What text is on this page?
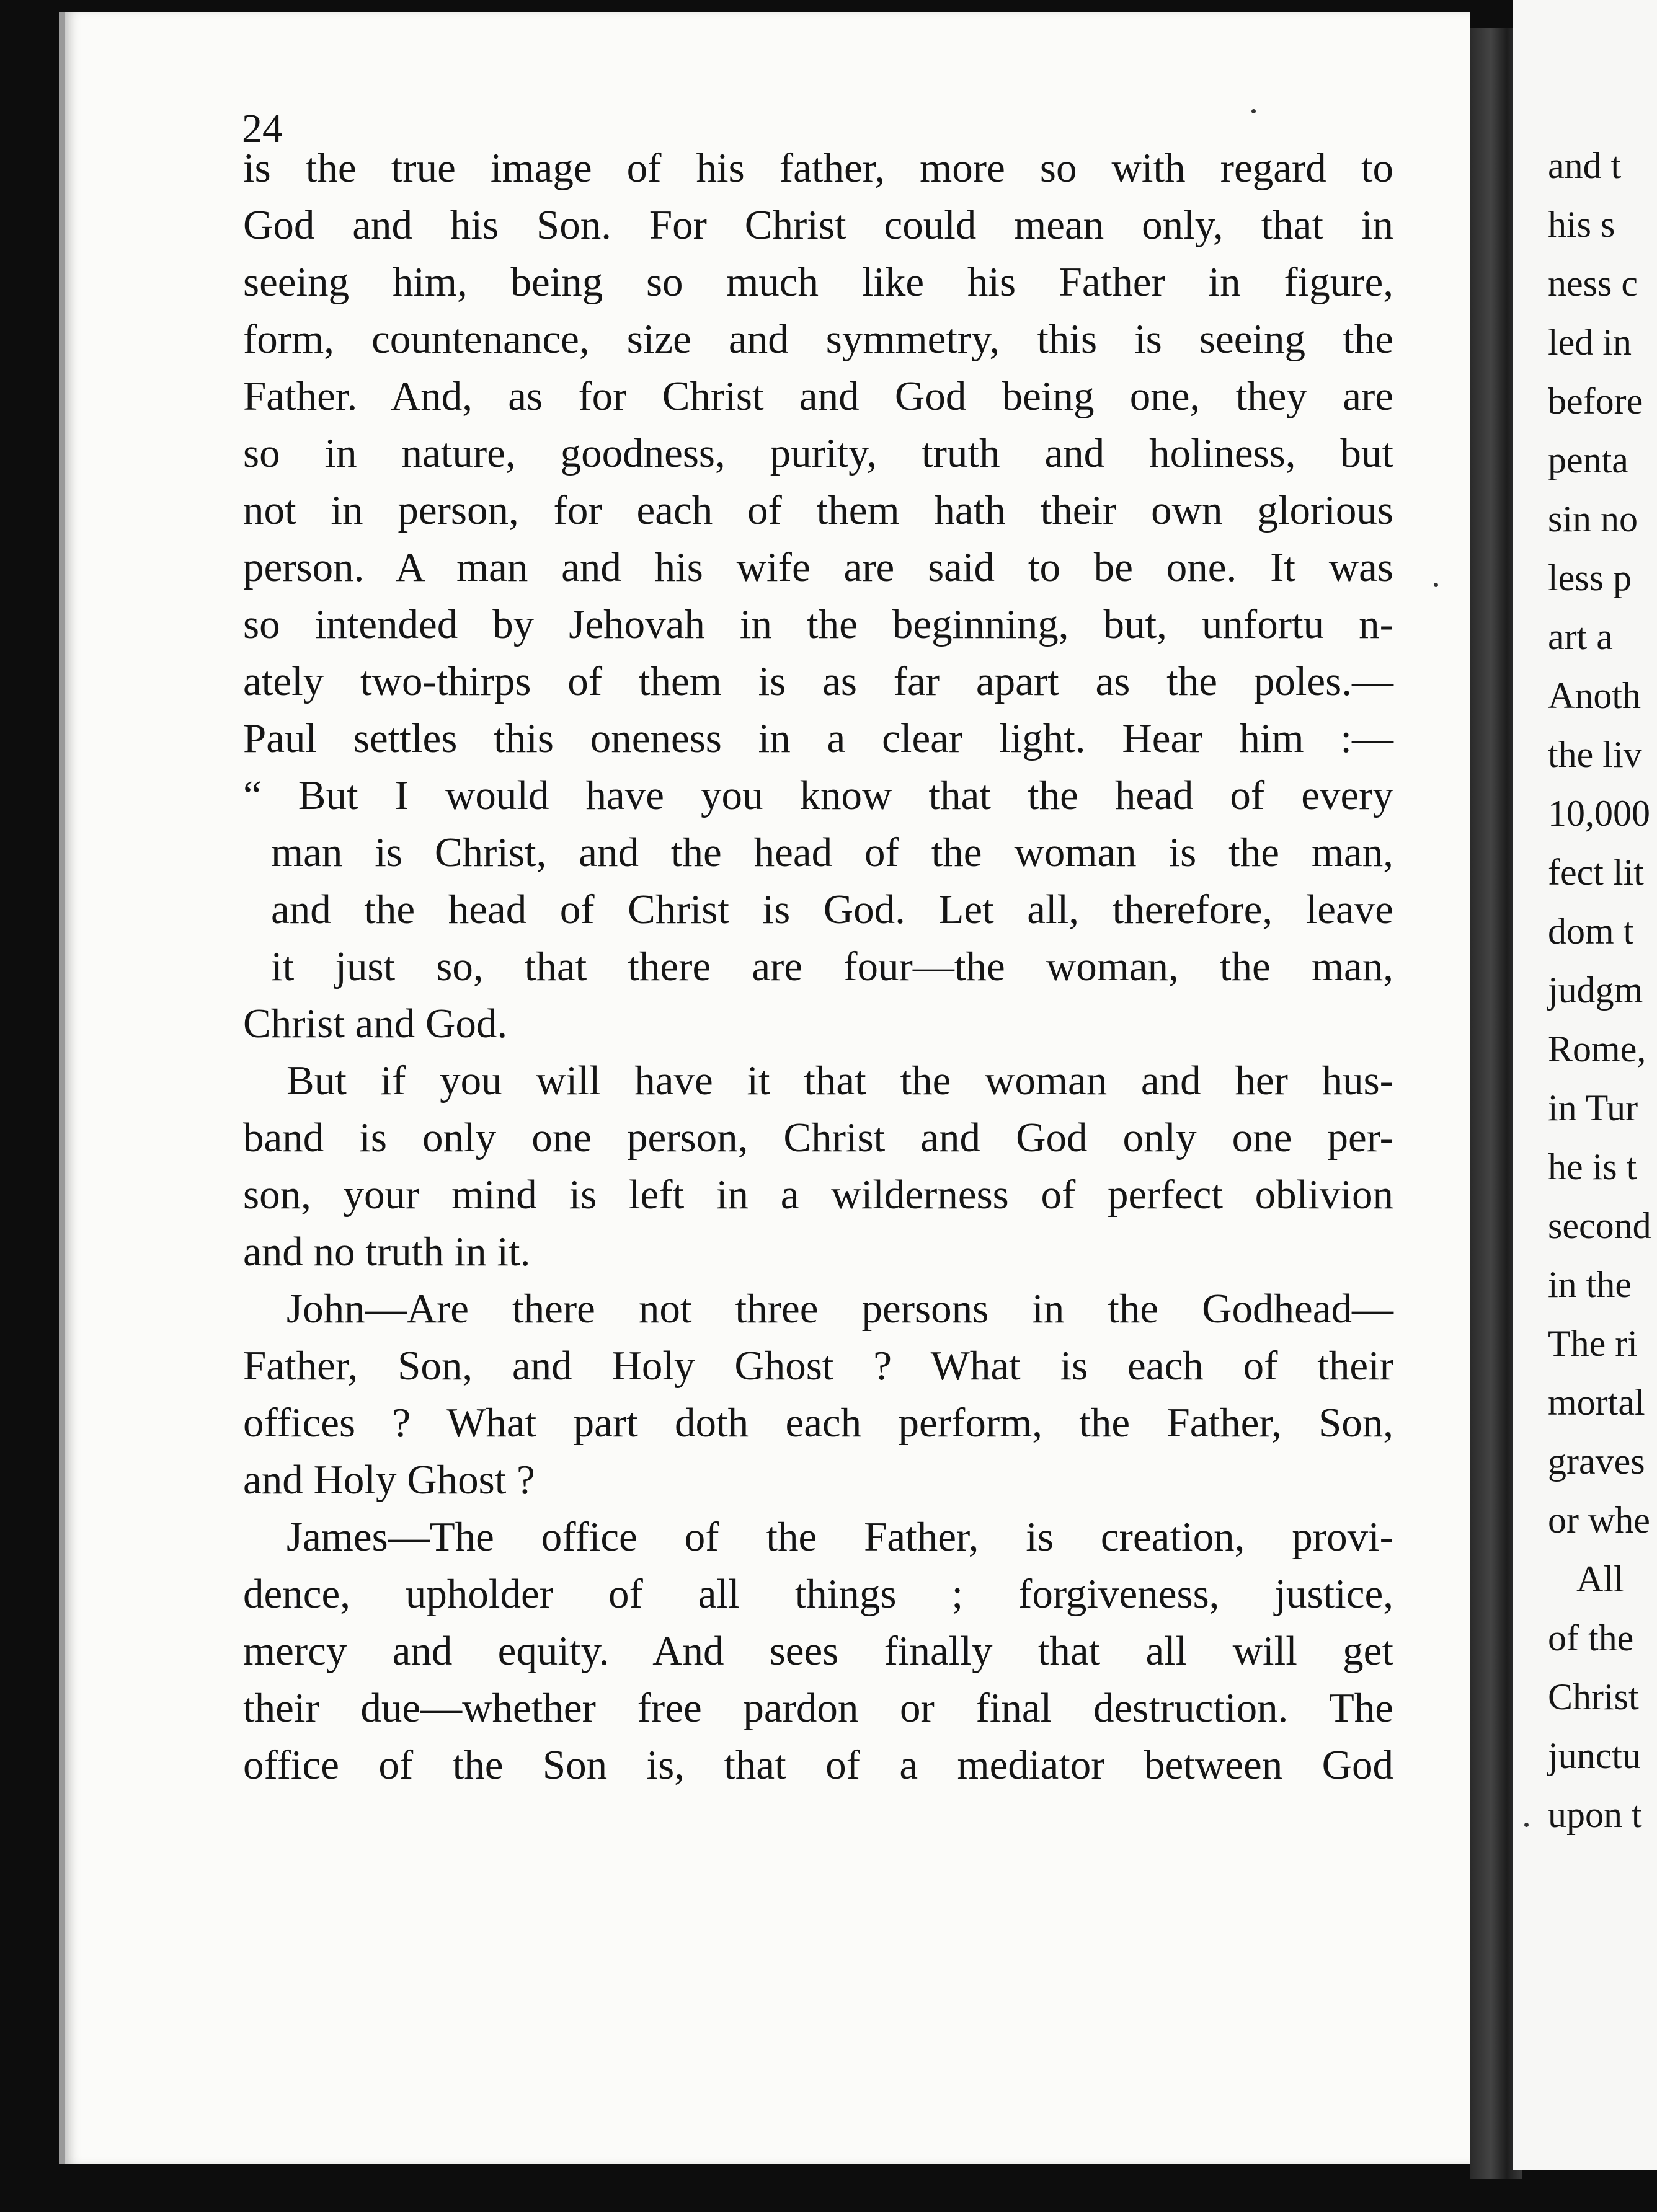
24
is the true image of his father, more so with regard to
God and his Son. For Christ could mean only, that in
seeing him, being so much like his Father in figure,
form, countenance, size and symmetry, this is seeing the
Father. And, as for Christ and God being one, they are
so in nature, goodness, purity, truth and holiness, but
not in person, for each of them hath their own glorious
person. A man and his wife are said to be one. It was
so intended by Jehovah in the beginning, but, unfortu n-
ately two-thirps of them is as far apart as the poles.—
Paul settles this oneness in a clear light. Hear him :—
“ But I would have you know that the head of every
man is Christ, and the head of the woman is the man,
and the head of Christ is God. Let all, therefore, leave
it just so, that there are four—the woman, the man,
Christ and God.
But if you will have it that the woman and her hus-
band is only one person, Christ and God only one per-
son, your mind is left in a wilderness of perfect oblivion
and no truth in it.
John—Are there not three persons in the Godhead—
Father, Son, and Holy Ghost ? What is each of their
offices ? What part doth each perform, the Father, Son,
and Holy Ghost ?
James—The office of the Father, is creation, provi-
dence, upholder of all things ; forgiveness, justice,
mercy and equity. And sees finally that all will get
their due—whether free pardon or final destruction. The
office of the Son is, that of a mediator between God
and t
his s
ness c
led in
before
penta
sin no
less p
art a
Anoth
the liv
10,000
fect lit
dom t
judgm
Rome,
in Tur
he is t
second
in the
The ri
mortal
graves
or whe
All
of the
Christ
junctu
upon t
